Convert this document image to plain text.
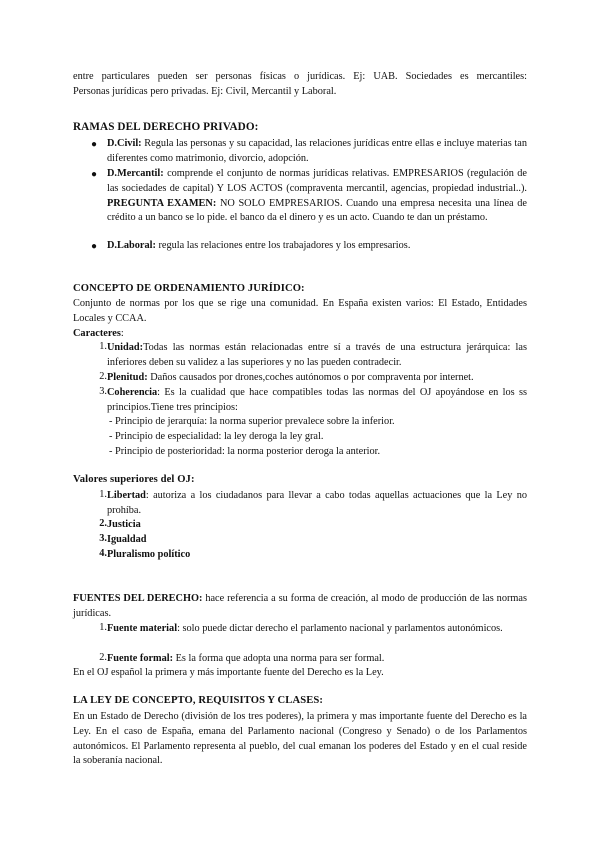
entre particulares pueden ser personas físicas o jurídicas. Ej: UAB. Sociedades es mercantiles:
Personas jurídicas pero privadas. Ej: Civil, Mercantil y Laboral.
RAMAS DEL DERECHO PRIVADO:
● D.Civil: Regula las personas y su capacidad, las relaciones jurídicas entre ellas e incluye materias tan diferentes como matrimonio, divorcio, adopción.
● D.Mercantil: comprende el conjunto de normas jurídicas relativas. EMPRESARIOS (regulación de las sociedades de capital) Y LOS ACTOS (compraventa mercantil, agencias, propiedad industrial..). PREGUNTA EXAMEN: NO SOLO EMPRESARIOS. Cuando una empresa necesita una línea de crédito a un banco se lo pide. el banco da el dinero y es un acto. Cuando te dan un préstamo.
● D.Laboral: regula las relaciones entre los trabajadores y los empresarios.
CONCEPTO DE ORDENAMIENTO JURÍDICO:
Conjunto de normas por los que se rige una comunidad. En España existen varios: El Estado, Entidades Locales y CCAA.
Caracteres:
1. Unidad:Todas las normas están relacionadas entre sí a través de una estructura jerárquica: las inferiores deben su validez a las superiores y no las pueden contradecir.
2. Plenitud: Daños causados por drones,coches autónomos o por compraventa por internet.
3. Coherencia: Es la cualidad que hace compatibles todas las normas del OJ apoyándose en los ss principios.Tiene tres principios:
- Principio de jerarquía: la norma superior prevalece sobre la inferior.
- Principio de especialidad: la ley deroga la ley gral.
- Principio de posterioridad: la norma posterior deroga la anterior.
Valores superiores del OJ:
1. Libertad: autoriza a los ciudadanos para llevar a cabo todas aquellas actuaciones que la Ley no prohíba.
2. Justicia
3. Igualdad
4. Pluralismo político
FUENTES DEL DERECHO: hace referencia a su forma de creación, al modo de producción de las normas jurídicas.
1. Fuente material: solo puede dictar derecho el parlamento nacional y parlamentos autonómicos.
2. Fuente formal: Es la forma que adopta una norma para ser formal.
En el OJ español la primera y más importante fuente del Derecho es la Ley.
LA LEY DE CONCEPTO, REQUISITOS Y CLASES:
En un Estado de Derecho (división de los tres poderes), la primera y mas importante fuente del Derecho es la Ley. En el caso de España, emana del Parlamento nacional (Congreso y Senado) o de los Parlamentos autonómicos. El Parlamento representa al pueblo, del cual emanan los poderes del Estado y en el cual reside la soberanía nacional.
